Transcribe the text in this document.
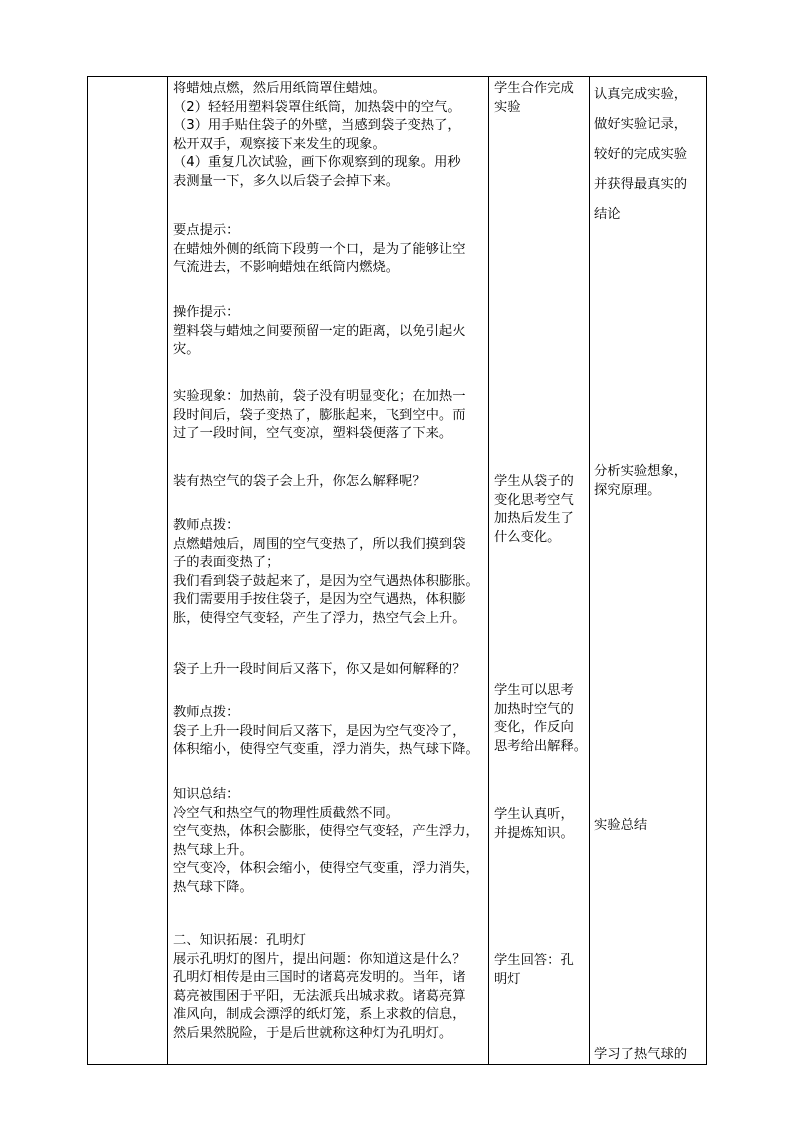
将蜡烛点燃，然后用纸筒罩住蜡烛。

（2）轻轻用塑料袋罩住纸筒，加热袋中的空气。

（3）用手贴住袋子的外壁，当感到袋子变热了，

松开双手，观察接下来发生的现象。

（4）重复几次试验，画下你观察到的现象。用秒

表测量一下，多久以后袋子会掉下来。

要点提示：

在蜡烛外侧的纸筒下段剪一个口，是为了能够让空

气流进去，不影响蜡烛在纸筒内燃烧。

操作提示：

塑料袋与蜡烛之间要预留一定的距离，以免引起火

灾。

实验现象：加热前，袋子没有明显变化；在加热一

段时间后，袋子变热了，膨胀起来，飞到空中。而

过了一段时间，空气变凉，塑料袋便落了下来。

装有热空气的袋子会上升，你怎么解释呢？

教师点拨：

点燃蜡烛后，周围的空气变热了，所以我们摸到袋

子的表面变热了；

我们看到袋子鼓起来了，是因为空气遇热体积膨胀。

我们需要用手按住袋子，是因为空气遇热，体积膨

胀，使得空气变轻，产生了浮力，热空气会上升。

袋子上升一段时间后又落下，你又是如何解释的？

教师点拨：

袋子上升一段时间后又落下，是因为空气变冷了，

体积缩小，使得空气变重，浮力消失，热气球下降。

知识总结：

冷空气和热空气的物理性质截然不同。

空气变热，体积会膨胀，使得空气变轻，产生浮力，

热气球上升。

空气变冷，体积会缩小，使得空气变重，浮力消失，

热气球下降。

二、知识拓展：孔明灯

展示孔明灯的图片，提出问题：你知道这是什么？

孔明灯相传是由三国时的诸葛亮发明的。当年，诸

葛亮被围困于平阳，无法派兵出城求救。诸葛亮算

准风向，制成会漂浮的纸灯笼，系上求救的信息，

然后果然脱险，于是后世就称这种灯为孔明灯。

学生合作完成

实验

学生从袋子的

变化思考空气

加热后发生了

什么变化。

学生可以思考

加热时空气的

变化，作反向

思考给出解释。

学生认真听，

并提炼知识。

学生回答：孔

明灯

认真完成实验，

做好实验记录，

较好的完成实验

并获得最真实的

结论

分析实验想象，

探究原理。

实验总结

学习了热气球的
